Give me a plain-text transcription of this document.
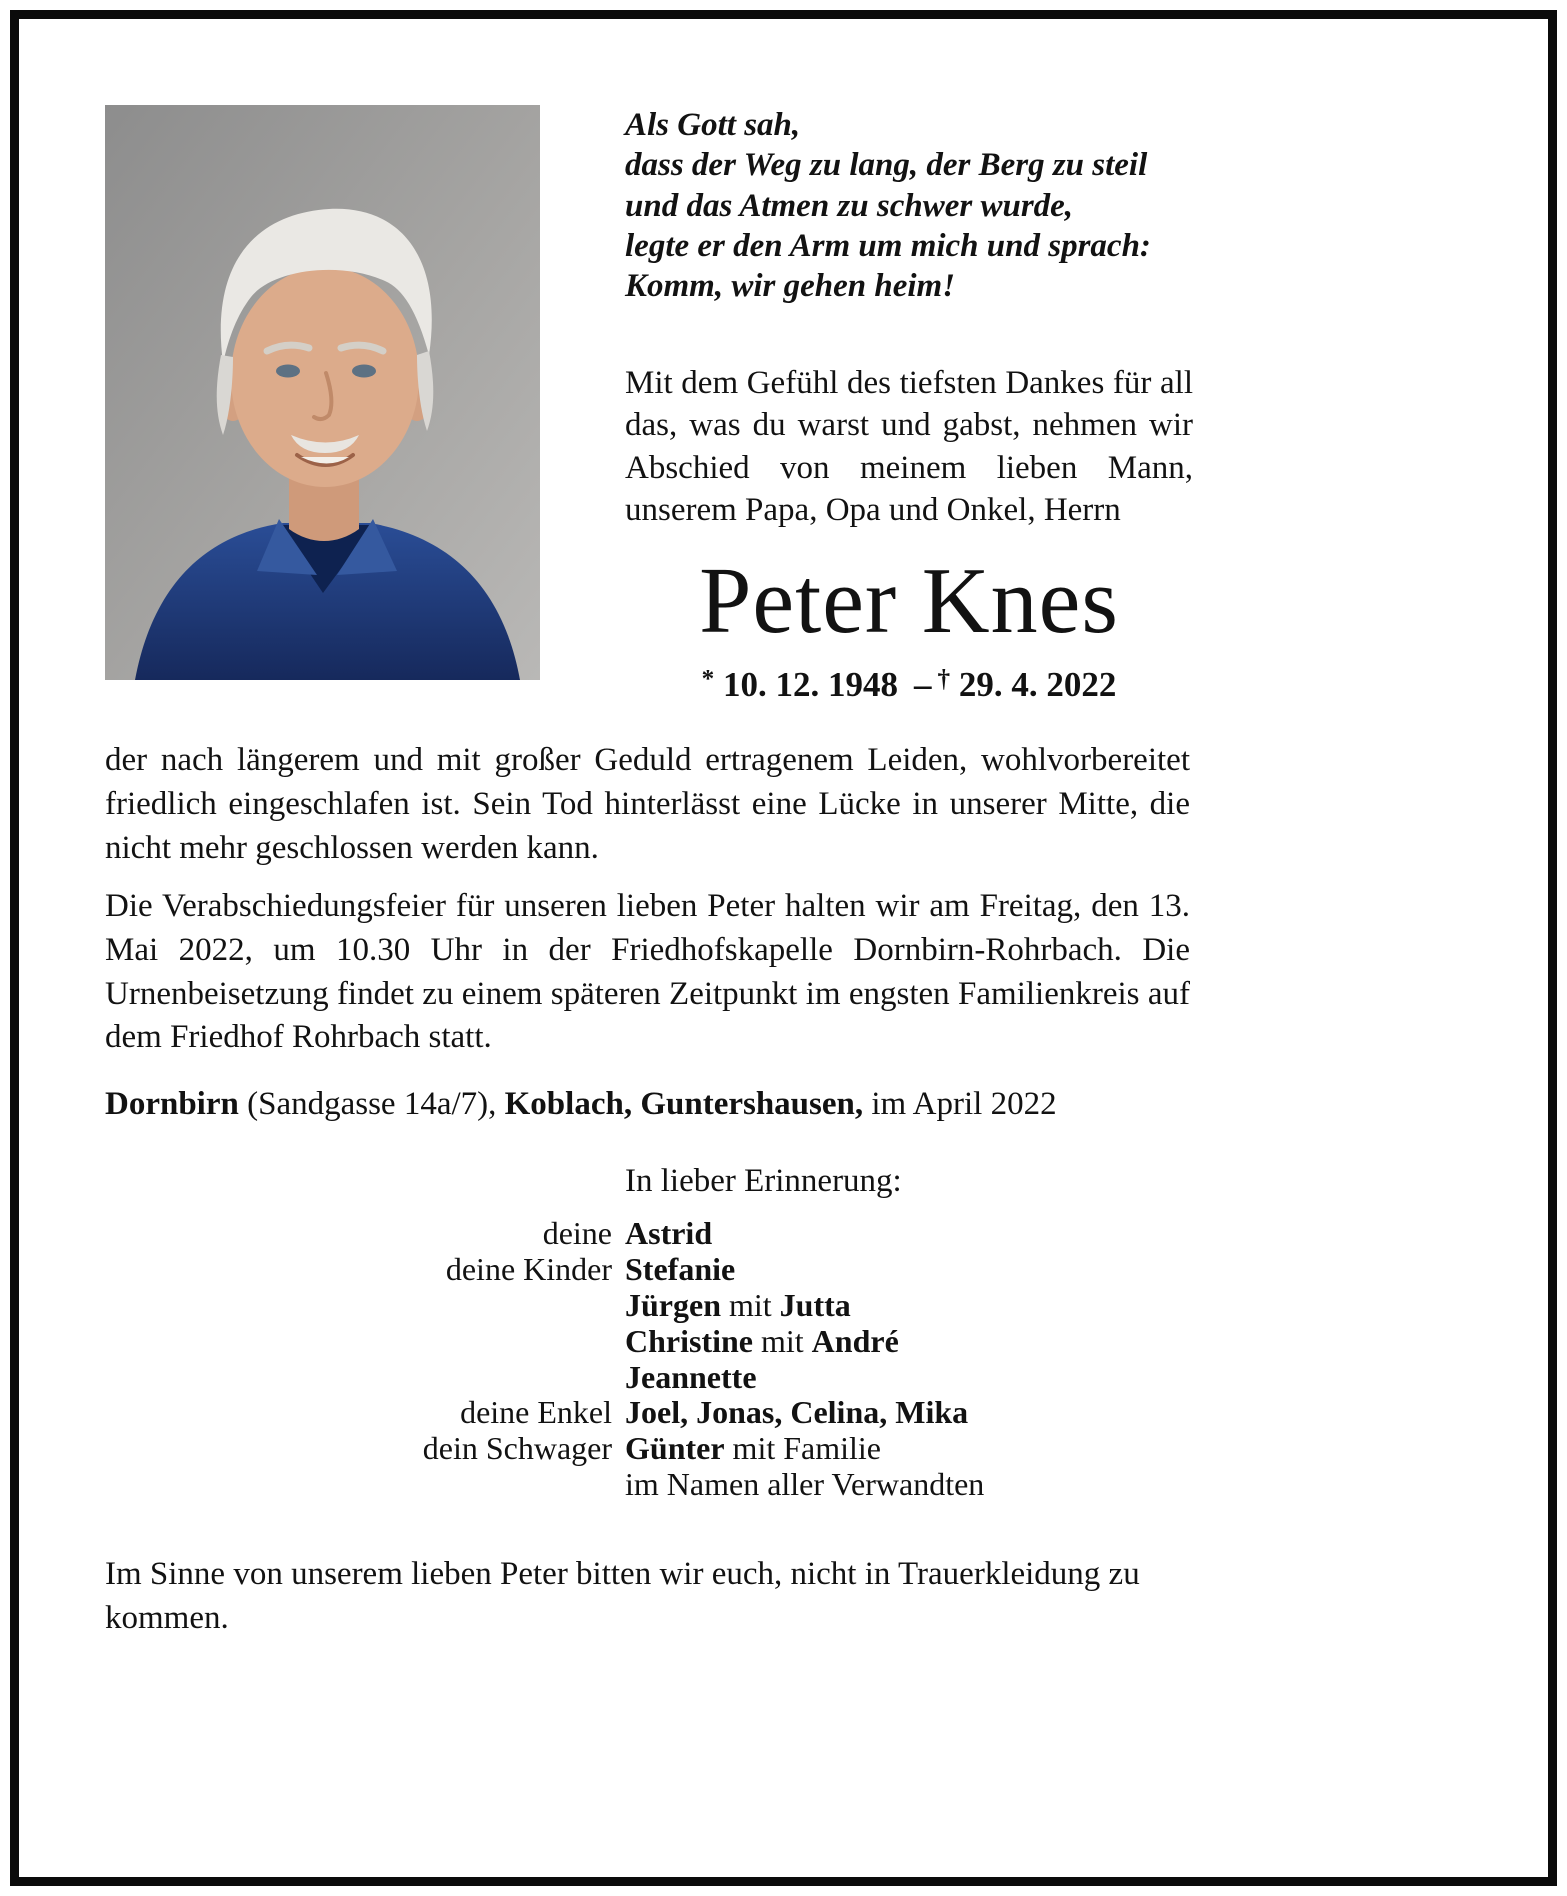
Als Gott sah,
dass der Weg zu lang, der Berg zu steil
und das Atmen zu schwer wurde,
legte er den Arm um mich und sprach:
Komm, wir gehen heim!

Mit dem Gefühl des tiefsten Dankes für all das, was du warst und gabst, nehmen wir Abschied von meinem lieben Mann, unserem Papa, Opa und Onkel, Herrn

Peter Knes
* 10. 12. 1948 – † 29. 4. 2022

der nach längerem und mit großer Geduld ertragenem Leiden, wohlvorbereitet friedlich eingeschlafen ist. Sein Tod hinterlässt eine Lücke in unserer Mitte, die nicht mehr geschlossen werden kann.

Die Verabschiedungsfeier für unseren lieben Peter halten wir am Freitag, den 13. Mai 2022, um 10.30 Uhr in der Friedhofskapelle Dornbirn-Rohrbach. Die Urnenbeisetzung findet zu einem späteren Zeitpunkt im engsten Familienkreis auf dem Friedhof Rohrbach statt.

Dornbirn (Sandgasse 14a/7), Koblach, Guntershausen, im April 2022

In lieber Erinnerung:
deine Astrid
deine Kinder Stefanie
Jürgen mit Jutta
Christine mit André
Jeannette
deine Enkel Joel, Jonas, Celina, Mika
dein Schwager Günter mit Familie
im Namen aller Verwandten

Im Sinne von unserem lieben Peter bitten wir euch, nicht in Trauerkleidung zu kommen.
